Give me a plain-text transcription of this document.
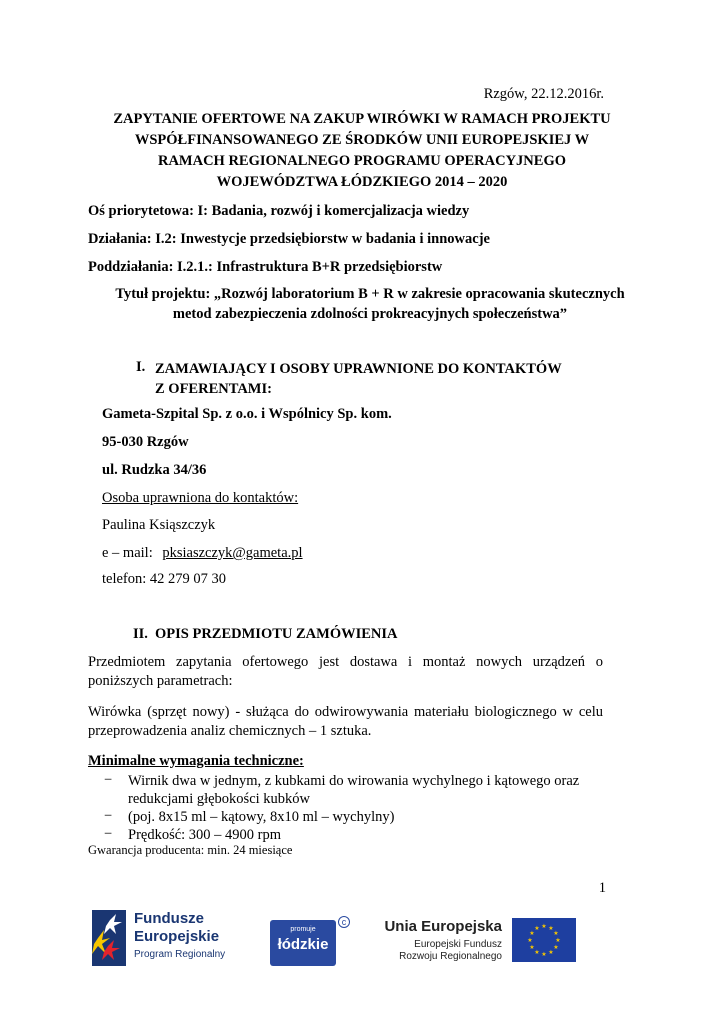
Rzgów, 22.12.2016r.
ZAPYTANIE OFERTOWE NA ZAKUP WIRÓWKI W RAMACH PROJEKTU
WSPÓŁFINANSOWANEGO ZE ŚRODKÓW UNII EUROPEJSKIEJ W
RAMACH REGIONALNEGO PROGRAMU OPERACYJNEGO
WOJEWÓDZTWA ŁÓDZKIEGO 2014 – 2020
Oś priorytetowa: I: Badania, rozwój i komercjalizacja wiedzy
Działania: I.2: Inwestycje przedsiębiorstw w badania i innowacje
Poddziałania: I.2.1.: Infrastruktura B+R przedsiębiorstw
Tytuł projektu: „Rozwój laboratorium B + R w zakresie opracowania skutecznych
metod zabezpieczenia zdolności prokreacyjnych społeczeństwa”
I. ZAMAWIAJĄCY I OSOBY UPRAWNIONE DO KONTAKTÓW
Z OFERENTAMI:
Gameta-Szpital Sp. z o.o. i Wspólnicy Sp. kom.
95-030 Rzgów
ul. Rudzka 34/36
Osoba uprawniona do kontaktów:
Paulina Ksiąszczyk
e – mail: pksiaszczyk@gameta.pl
telefon: 42 279 07 30
II. OPIS PRZEDMIOTU ZAMÓWIENIA
Przedmiotem zapytania ofertowego jest dostawa i montaż nowych urządzeń o poniższych parametrach:
Wirówka (sprzęt nowy) - służąca do odwirowywania materiału biologicznego w celu przeprowadzenia analiz chemicznych – 1 sztuka.
Minimalne wymagania techniczne:
− Wirnik dwa w jednym, z kubkami do wirowania wychylnego i kątowego oraz
redukcjami głębokości kubków
− (poj. 8x15 ml – kątowy, 8x10 ml – wychylny)
− Prędkość: 300 – 4900 rpm
Gwarancja producenta: min. 24 miesiące
1
Fundusze
Europejskie
Program Regionalny
promuje
łódzkie
c	Unia Europejska
Europejski Fundusz
Rozwoju Regionalnego
★ ★
★
★
★
★
★
★
★
★
★
★
